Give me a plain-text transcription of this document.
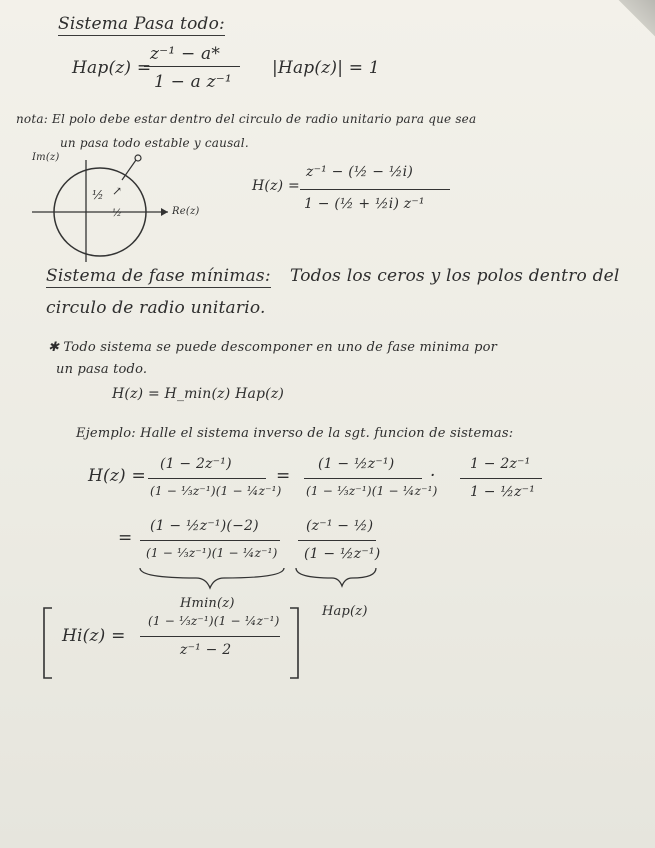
Sistema Pasa todo:
Hap(z) =
z⁻¹ − a*
1 − a z⁻¹
|Hap(z)| = 1
nota: El polo debe estar dentro del circulo de radio unitario para que sea
un pasa todo estable y causal.
Im(z)
Re(z)
½ ↗
½
H(z) =
z⁻¹ − (½ − ½i)
1 − (½ + ½i) z⁻¹
Sistema de fase mínimas: Todos los ceros y los polos dentro del
circulo de radio unitario.
✱ Todo sistema se puede descomponer en uno de fase minima por
un pasa todo.
H(z) = H_min(z) Hap(z)
Ejemplo: Halle el sistema inverso de la sgt. funcion de sistemas:
H(z) =
(1 − 2z⁻¹)
(1 − ⅓z⁻¹)(1 − ¼z⁻¹)
=
(1 − ½z⁻¹)
(1 − ⅓z⁻¹)(1 − ¼z⁻¹)
·
1 − 2z⁻¹
1 − ½z⁻¹
=
(1 − ½z⁻¹)(−2)
(1 − ⅓z⁻¹)(1 − ¼z⁻¹)
(z⁻¹ − ½)
(1 − ½z⁻¹)
Hmin(z)
Hap(z)
Hi(z) =
(1 − ⅓z⁻¹)(1 − ¼z⁻¹)
z⁻¹ − 2
